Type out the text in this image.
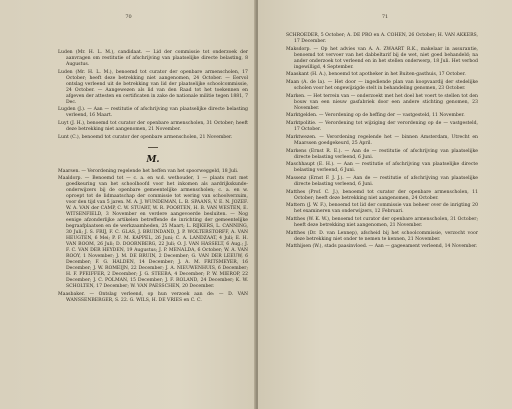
70

Luden (Mr. H. L. M.), candidaat. — Lid der commissie tot onderzoek der aanvragen om restitutie of afschrijving van plaatselijke directe belasting, 8 Augustus.

Luden (Mr. H. L. M.), benoemd tot curator der openbare armenscholen, 17 October; heeft deze betrekking niet aangenomen, 24 October. — Eervol ontslag verleend uit de betrekking van lid der plaatselijke schoolcommissie, 24 October. — Aangewezen als lid van den Raad tot het toekennen en afgeven der attesten en certificaten in zake de nationale militie tegen 1881, 7 Dec.

Lugden (J.). — Aan — restitutie of afschrijving van plaatselijke directe belasting verleend, 16 Maart.

Luyt (J. H.), benoemd tot curator der openbare armenscholen, 31 October; heeft deze betrekking niet aangenomen, 21 November.

Lunt (C.), benoemd tot curator der openbare armenscholen, 21 November.

M.

Maarsen. — Verordening regelende het heffen van het spoorweggeld, 18 Juli.

Maaldorp. — Benoemd tot — c. a. en w.d. wethouder, 1 — plaats rust met goedkeuring van het schoolhoofd voor het inkomen als aardrijkskunde-onderwijzers bij de openbare gemeentelijke armenscholen; c. a. en w. oproept tot de lidmaatschap der commissie tot wering van schoolverzuim, voor den tijd van 5 jaren. M. A. J. WUNDEMAN, L. B. SPAANS, V. E. N. JOZEF. W. A. VAN der CAMP, C. W. STUART, W. R. POORTEN, H. B. VAN WESTEN, E. WITSENFIELD, 3 November en verdere aangevoerde besluiten. — Nog eenige afzonderlijke artikelen betreffende de inrichting der gemeentelijke begraafplaatsen en de werkzaamheden, 25 Maart; L. RIJKERS, L. CANNING, 30 Juli; J. S. FRIJ, F. C. GLAS, J. BRUINDAND, J. P. WOLTERSTORFF, A. VAN HEUGTEN, 6 Mei; P. F. M. KAPPEL, 26 Juni; C. A. LANDZAAT, 4 Juli; E. H. VAN BOOM, 26 Juli; D. DOORNBERG, 22 Juli; O. J. VAN HASSELT, 6 Aug.; J. F. C. VAN DER HEYDEN, 19 Augustus; J. P. MENALDA, 6 October; W. A. VAN ROOY, 1 November; J. M. DE BRUIN, 2 December; G. VAN DER LEEUW, 6 December; F. G. HALDEN, 14 December; J. A. M. FRITSMEYER, 16 December; J. W. ROMEIJN, 22 December; J. A. NIEUWENHUIS, 6 December; H. F. PFEIFFER, 2 December; J. G. STEEBA, 4 December; P. W. MIEROP, 22 December; J. C. POLMAN, 15 December; J. F. ROLAND, 24 December; K. W. SCHOLTEN, 17 December; W. VAN PAESSCHEN, 20 December.

Maasbaker. — Ontslag verleend, op hun verzoek aan de: — D. VAN WANSSENBERGER, S. 22. G. WILS, H. DE VRIES en C. C.

71

SCHROEDER, 5 October; A. DE PRO en A. COHEN, 26 October; H. VAN AKKERS, 17 December.

Maksdorp. — Op het advies van A. A. ZWAART R.K., makelaar in assurantie, benoemd tot vervoer van het dabbeltarif bij de wet, niet goed behandeld; na ander onderzoek tot verleend en in het stellen onderwerp, 18 Juli. Het verbod ingewilligd, 4 September.

Maaskant (H. A.), benoemd tot apotheker in het Buiten-gasthuis, 17 October.

Maan (A. de la). — Het door — ingediende plan van koopvaardij der stedelijke scholen voor het ongewijzigde stelt in behandeling genomen, 23 October.

Marken. — Het terrein van — onderzoekt met het doel het voert te stellen tot den bouw van een nieuw gasfabriek door een andere stichting genomen, 23 November.

Marktgelden. — Verordening op de heffing der — vastgesteld, 11 November.

Marktpolitie. — Verordening tot wijziging der verordening op de — vastgesteld, 17 October.

Marktwezen. — Verordening regelende het — binnen Amsterdam, Utrecht en Maarssen goedgekeurd, 25 April.

Markens (Ernst R. E.). — Aan de — restitutie of afschrijving van plaatselijke directe belasting verleend, 6 Juni.

Maschhaupt (E. H.). — Aan — restitutie of afschrijving van plaatselijke directe belasting verleend, 6 Juni.

Massenz (Ernst F. J. J.). — Aan de — restitutie of afschrijving van plaatselijke directe belasting verleend, 6 Juni.

Matthes (Prof. C. J.), benoemd tot curator der openbare armenscholen, 11 October; heeft deze betrekking niet aangenomen, 24 October.

Mattern (J. W. F.), benoemd tot lid der commissie van beheer over de inrigting 20 het examineren van onderwijzers, 12 Februari.

Matthes (W. K. W.), benoemd tot curator der openbare armenscholen, 31 October; heeft deze betrekking niet aangenomen, 21 November.

Matthes (Dr. D. van Lennep), afscheid bij het schoolcommissie, verzocht voor deze betrekking niet onder te nemen te kennen, 21 November.

Matthijsen (W.), stads paasinvloed. — Aan — gageeament verleend, 14 November.
